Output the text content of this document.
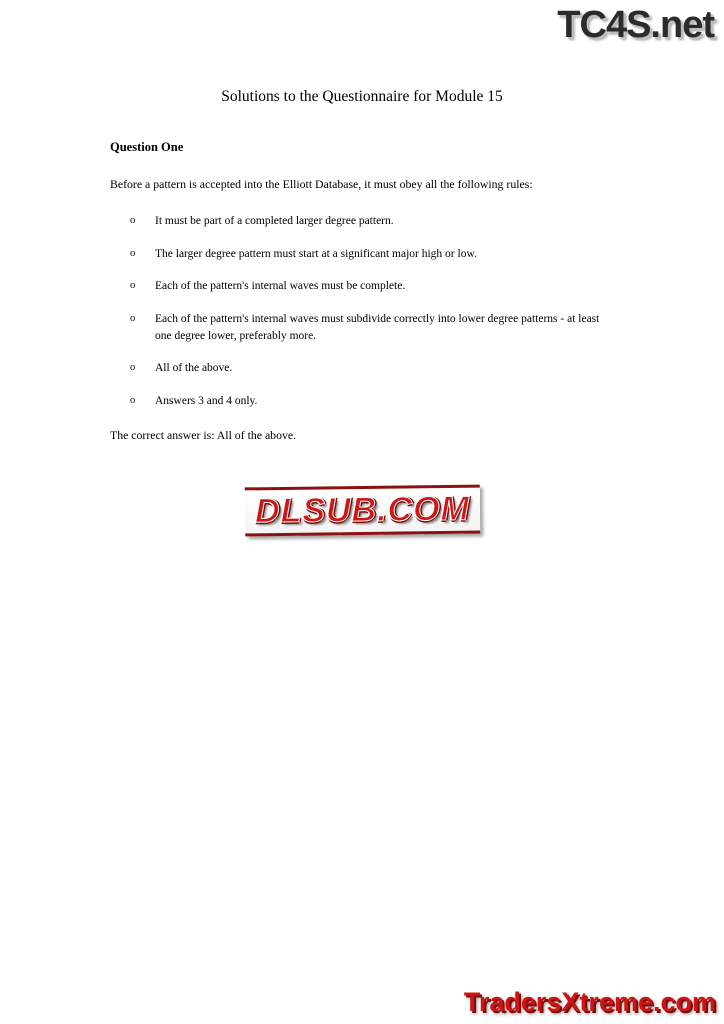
TC4S.net
Solutions to the Questionnaire for Module 15
Question One

Before a pattern is accepted into the Elliott Database, it must obey all the following rules:

o It must be part of a completed larger degree pattern.
o The larger degree pattern must start at a significant major high or low.
o Each of the pattern's internal waves must be complete.
o Each of the pattern's internal waves must subdivide correctly into lower degree patterns - at least one degree lower, preferably more.
o All of the above.
o Answers 3 and 4 only.

The correct answer is: All of the above.

DLSUB.COM
TradersXtreme.com
